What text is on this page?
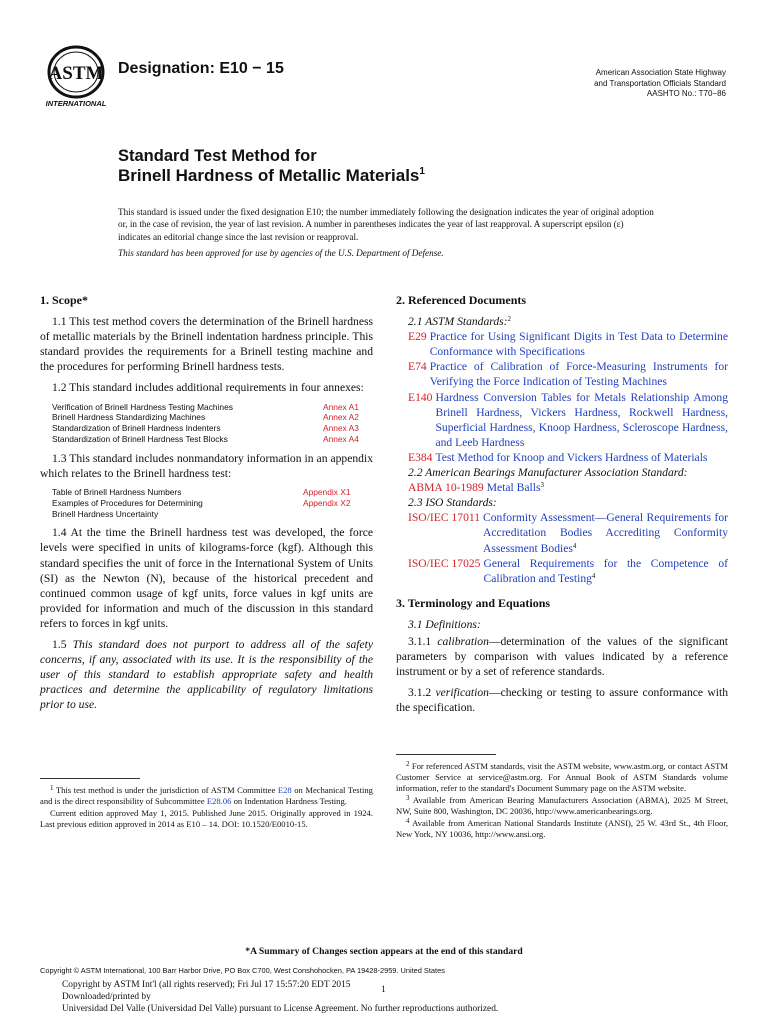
ASTM
INTERNATIONAL
Designation: E10 − 15	American Association State Highway
and Transportation Officials Standard
AASHTO No.: T70−86
Standard Test Method for
Brinell Hardness of Metallic Materials$^1$
This standard is issued under the fixed designation E10; the number immediately following the designation indicates the year of original adoption or, in the case of revision, the year of last revision. A number in parentheses indicates the year of last reapproval. A superscript epsilon (ε) indicates an editorial change since the last revision or reapproval.
This standard has been approved for use by agencies of the U.S. Department of Defense.
1. Scope*

1.1 This test method covers the determination of the Brinell hardness of metallic materials by the Brinell indentation hardness principle. This standard provides the requirements for a Brinell testing machine and the procedures for performing Brinell hardness tests.

1.2 This standard includes additional requirements in four annexes:

Verification of Brinell Hardness Testing Machines	Annex A1
Brinell Hardness Standardizing Machines	Annex A2
Standardization of Brinell Hardness Indenters	Annex A3
Standardization of Brinell Hardness Test Blocks	Annex A4

1.3 This standard includes nonmandatory information in an appendix which relates to the Brinell hardness test:

Table of Brinell Hardness Numbers	Appendix X1
Examples of Procedures for Determining	Appendix X2
Brinell Hardness Uncertainty

1.4 At the time the Brinell hardness test was developed, the force levels were specified in units of kilograms-force (kgf). Although this standard specifies the unit of force in the International System of Units (SI) as the Newton (N), because of the historical precedent and continued common usage of kgf units, force values in kgf units are provided for information and much of the discussion in this standard refers to forces in kgf units.

1.5 This standard does not purport to address all of the safety concerns, if any, associated with its use. It is the responsibility of the user of this standard to establish appropriate safety and health practices and determine the applicability of regulatory limitations prior to use.

2. Referenced Documents
2.1 ASTM Standards:$^2$
E29 Practice for Using Significant Digits in Test Data to Determine Conformance with Specifications
E74 Practice of Calibration of Force-Measuring Instruments for Verifying the Force Indication of Testing Machines
E140 Hardness Conversion Tables for Metals Relationship Among Brinell Hardness, Vickers Hardness, Rockwell Hardness, Superficial Hardness, Knoop Hardness, Scleroscope Hardness, and Leeb Hardness
E384 Test Method for Knoop and Vickers Hardness of Materials
2.2 American Bearings Manufacturer Association Standard:
ABMA 10-1989 Metal Balls$^3$
2.3 ISO Standards:
ISO/IEC 17011 Conformity Assessment—General Requirements for Accreditation Bodies Accrediting Conformity Assessment Bodies$^4$
ISO/IEC 17025 General Requirements for the Competence of Calibration and Testing$^4$
3. Terminology and Equations
3.1 Definitions:

3.1.1 calibration—determination of the values of the significant parameters by comparison with values indicated by a reference instrument or by a set of reference standards.

3.1.2 verification—checking or testing to assure conformance with the specification.

$^1$ This test method is under the jurisdiction of ASTM Committee E28 on Mechanical Testing and is the direct responsibility of Subcommittee E28.06 on Indentation Hardness Testing.

Current edition approved May 1, 2015. Published June 2015. Originally approved in 1924. Last previous edition approved in 2014 as E10 – 14. DOI: 10.1520/E0010-15.

$^2$ For referenced ASTM standards, visit the ASTM website, www.astm.org, or contact ASTM Customer Service at service@astm.org. For Annual Book of ASTM Standards volume information, refer to the standard's Document Summary page on the ASTM website.

$^3$ Available from American Bearing Manufacturers Association (ABMA), 2025 M Street, NW, Suite 800, Washington, DC 20036, http://www.americanbearings.org.

$^4$ Available from American National Standards Institute (ANSI), 25 W. 43rd St., 4th Floor, New York, NY 10036, http://www.ansi.org.

*A Summary of Changes section appears at the end of this standard
Copyright © ASTM International, 100 Barr Harbor Drive, PO Box C700, West Conshohocken, PA 19428-2959. United States
Copyright by ASTM Int'l (all rights reserved); Fri Jul 17 15:57:20 EDT 2015
Downloaded/printed by
Universidad Del Valle (Universidad Del Valle) pursuant to License Agreement. No further reproductions authorized.
1
